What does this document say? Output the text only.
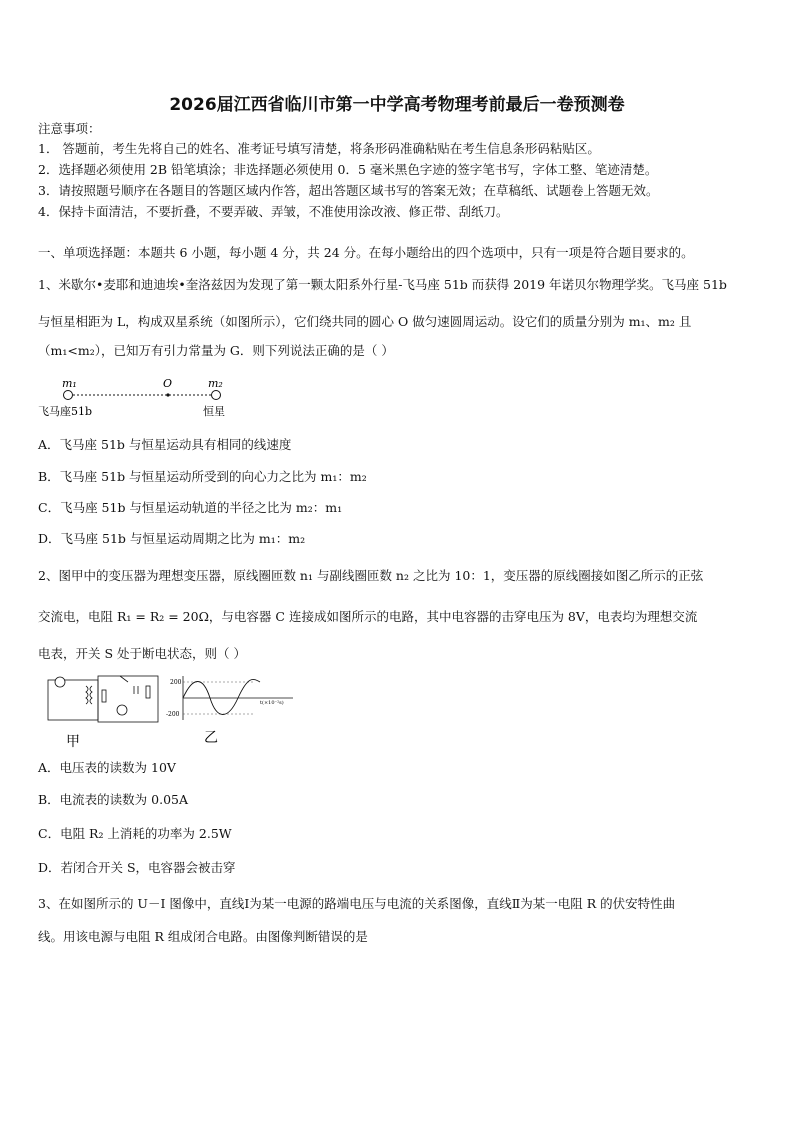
2026届江西省临川市第一中学高考物理考前最后一卷预测卷
注意事项：
1． 答题前，考生先将自己的姓名、准考证号填写清楚，将条形码准确粘贴在考生信息条形码粘贴区。
2．选择题必须使用 2B 铅笔填涂；非选择题必须使用 0．5 毫米黑色字迹的签字笔书写，字体工整、笔迹清楚。
3．请按照题号顺序在各题目的答题区域内作答，超出答题区域书写的答案无效；在草稿纸、试题卷上答题无效。
4．保持卡面清洁，不要折叠，不要弄破、弄皱，不准使用涂改液、修正带、刮纸刀。
一、单项选择题：本题共 6 小题，每小题 4 分，共 24 分。在每小题给出的四个选项中，只有一项是符合题目要求的。
1、米歇尔•麦耶和迪迪埃•奎洛兹因为发现了第一颗太阳系外行星-飞马座 51b 而获得 2019 年诺贝尔物理学奖。飞马座 51b
与恒星相距为 L，构成双星系统（如图所示），它们绕共同的圆心 O 做匀速圆周运动。设它们的质量分别为 m₁、m₂ 且
（m₁<m₂），已知万有引力常量为 G．则下列说法正确的是（ ）
m₁	O	m₂
飞马座51b	恒星
A．飞马座 51b 与恒星运动具有相同的线速度
B．飞马座 51b 与恒星运动所受到的向心力之比为 m₁：m₂
C．飞马座 51b 与恒星运动轨道的半径之比为 m₂：m₁
D．飞马座 51b 与恒星运动周期之比为 m₁：m₂
2、图甲中的变压器为理想变压器，原线圈匝数 n₁ 与副线圈匝数 n₂ 之比为 10：1，变压器的原线圈接如图乙所示的正弦
交流电，电阻 R₁ = R₂ = 20Ω，与电容器 C 连接成如图所示的电路，其中电容器的击穿电压为 8V，电表均为理想交流
电表，开关 S 处于断电状态，则（ ）
甲
200
-200
t(×10⁻²s)
乙
A．电压表的读数为 10V
B．电流表的读数为 0.05A
C．电阻 R₂ 上消耗的功率为 2.5W
D．若闭合开关 S，电容器会被击穿
3、在如图所示的 U－I 图像中，直线Ⅰ为某一电源的路端电压与电流的关系图像，直线Ⅱ为某一电阻 R 的伏安特性曲
线。用该电源与电阻 R 组成闭合电路。由图像判断错误的是
